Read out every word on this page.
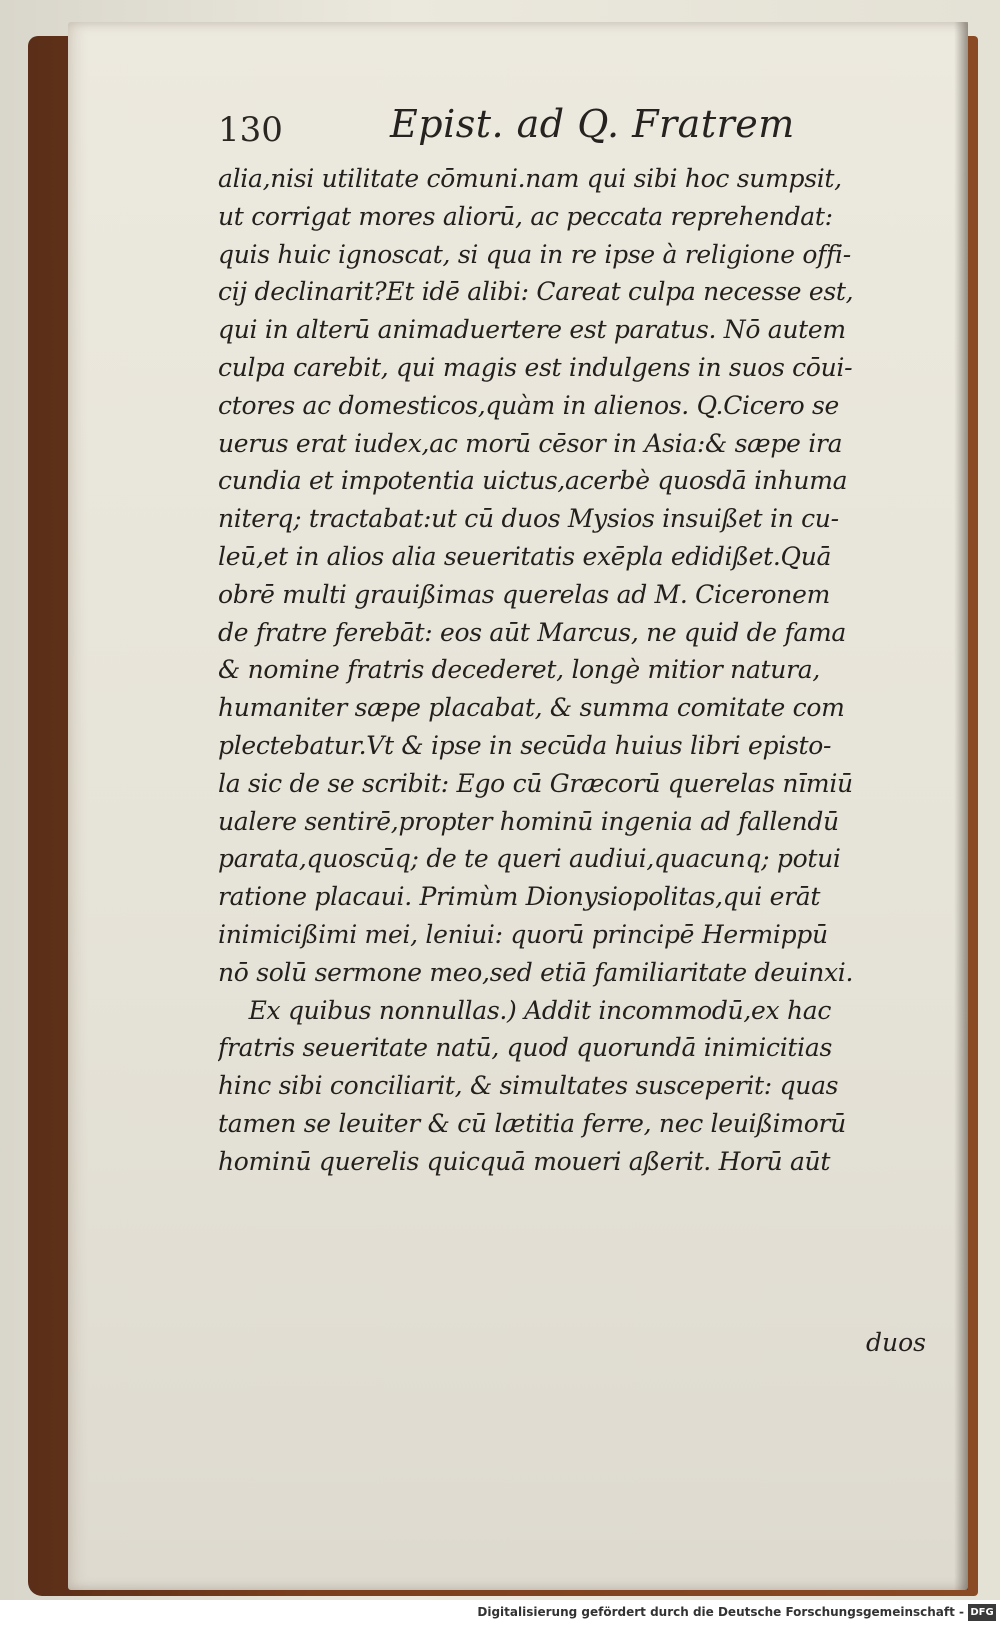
130	Epist. ad Q. Fratrem
alia,nisi utilitate cōmuni.nam qui sibi hoc sumpsit,
ut corrigat mores aliorū, ac peccata reprehendat:
quis huic ignoscat, si qua in re ipse à religione offi-
cij declinarit?Et idē alibi: Careat culpa necesse est,
qui in alterū animaduertere est paratus. Nō autem
culpa carebit, qui magis est indulgens in suos cōui-
ctores ac domesticos,quàm in alienos. Q.Cicero se
uerus erat iudex,ac morū cēsor in Asia:& sæpe ira
cundia et impotentia uictus,acerbè quosdā inhuma
niterq; tractabat:ut cū duos Mysios insuißet in cu-
leū,et in alios alia seueritatis exēpla edidißet.Quā
obrē multi grauißimas querelas ad M. Ciceronem
de fratre ferebāt: eos aūt Marcus, ne quid de fama
& nomine fratris decederet, longè mitior natura,
humaniter sæpe placabat, & summa comitate com
plectebatur.Vt & ipse in secūda huius libri episto-
la sic de se scribit: Ego cū Græcorū querelas nīmiū
ualere sentirē,propter hominū ingenia ad fallendū
parata,quoscūq; de te queri audiui,quacunq; potui
ratione placaui. Primùm Dionysiopolitas,qui erāt
inimicißimi mei, leniui: quorū principē Hermippū
nō solū sermone meo,sed etiā familiaritate deuinxi.
Ex quibus nonnullas.) Addit incommodū,ex hac
fratris seueritate natū, quod quorundā inimicitias
hinc sibi conciliarit, & simultates susceperit: quas
tamen se leuiter & cū lætitia ferre, nec leuißimorū
hominū querelis quicquā moueri aßerit. Horū aūt
duos
Digitalisierung gefördert durch die Deutsche Forschungsgemeinschaft - DFG
